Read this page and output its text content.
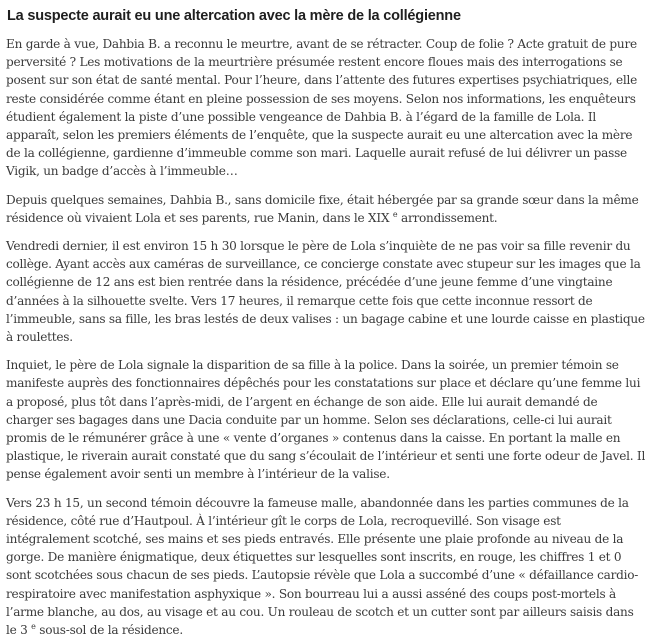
La suspecte aurait eu une altercation avec la mère de la collégienne

En garde à vue, Dahbia B. a reconnu le meurtre, avant de se rétracter. Coup de folie ? Acte gratuit de pure perversité ? Les motivations de la meurtrière présumée restent encore floues mais des interrogations se posent sur son état de santé mental. Pour l’heure, dans l’attente des futures expertises psychiatriques, elle reste considérée comme étant en pleine possession de ses moyens. Selon nos informations, les enquêteurs étudient également la piste d’une possible vengeance de Dahbia B. à l’égard de la famille de Lola. Il apparaît, selon les premiers éléments de l’enquête, que la suspecte aurait eu une altercation avec la mère de la collégienne, gardienne d’immeuble comme son mari. Laquelle aurait refusé de lui délivrer un passe Vigik, un badge d’accès à l’immeuble…

Depuis quelques semaines, Dahbia B., sans domicile fixe, était hébergée par sa grande sœur dans la même résidence où vivaient Lola et ses parents, rue Manin, dans le XIX $^e$ arrondissement.

Vendredi dernier, il est environ 15 h 30 lorsque le père de Lola s’inquiète de ne pas voir sa fille revenir du collège. Ayant accès aux caméras de surveillance, ce concierge constate avec stupeur sur les images que la collégienne de 12 ans est bien rentrée dans la résidence, précédée d’une jeune femme d’une vingtaine d’années à la silhouette svelte. Vers 17 heures, il remarque cette fois que cette inconnue ressort de l’immeuble, sans sa fille, les bras lestés de deux valises : un bagage cabine et une lourde caisse en plastique à roulettes.

Inquiet, le père de Lola signale la disparition de sa fille à la police. Dans la soirée, un premier témoin se manifeste auprès des fonctionnaires dépêchés pour les constatations sur place et déclare qu’une femme lui a proposé, plus tôt dans l’après-midi, de l’argent en échange de son aide. Elle lui aurait demandé de charger ses bagages dans une Dacia conduite par un homme. Selon ses déclarations, celle-ci lui aurait promis de le rémunérer grâce à une « vente d’organes » contenus dans la caisse. En portant la malle en plastique, le riverain aurait constaté que du sang s’écoulait de l’intérieur et senti une forte odeur de Javel. Il pense également avoir senti un membre à l’intérieur de la valise.

Vers 23 h 15, un second témoin découvre la fameuse malle, abandonnée dans les parties communes de la résidence, côté rue d’Hautpoul. À l’intérieur gît le corps de Lola, recroquevillé. Son visage est intégralement scotché, ses mains et ses pieds entravés. Elle présente une plaie profonde au niveau de la gorge. De manière énigmatique, deux étiquettes sur lesquelles sont inscrits, en rouge, les chiffres 1 et 0 sont scotchées sous chacun de ses pieds. L’autopsie révèle que Lola a succombé d’une « défaillance cardio-respiratoire avec manifestation asphyxique ». Son bourreau lui a aussi asséné des coups post-mortels à l’arme blanche, au dos, au visage et au cou. Un rouleau de scotch et un cutter sont par ailleurs saisis dans le 3 $^e$ sous-sol de la résidence.
